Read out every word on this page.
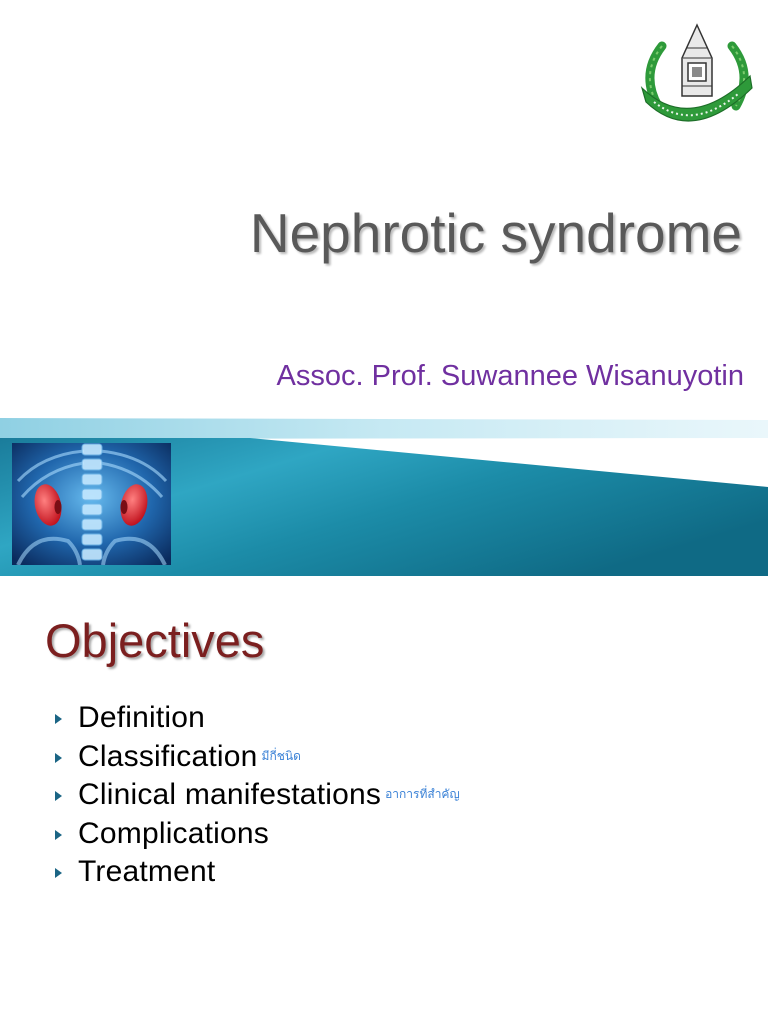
Nephrotic syndrome
Assoc. Prof. Suwannee Wisanuyotin
Objectives
Definition
Classification $^{มีกี่ชนิด}$
Clinical manifestations $^{อาการที่สำคัญ}$
Complications
Treatment
